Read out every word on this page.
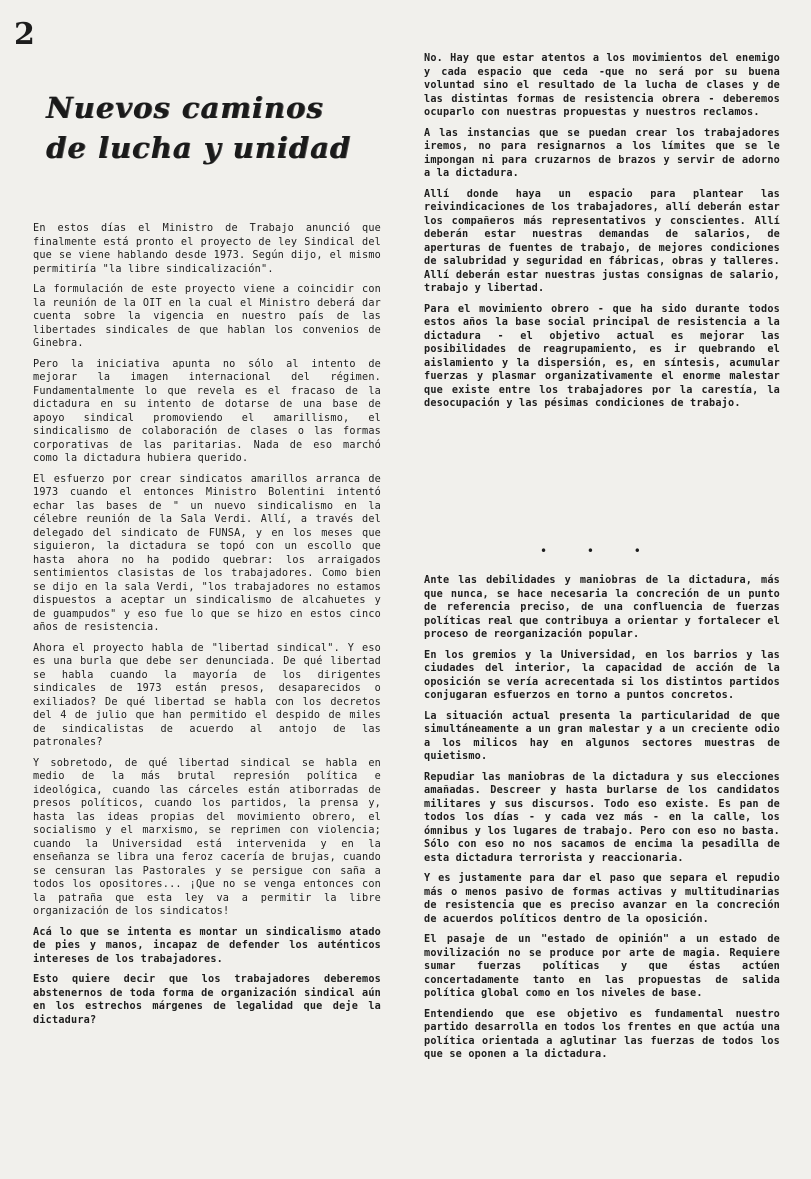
2
Nuevos caminos
de lucha y unidad

En estos días el Ministro de Trabajo anunció que finalmente está pronto el proyecto de ley Sindical del que se viene hablando desde 1973. Según dijo, el mismo permitiría "la libre sindicalización".

La formulación de este proyecto viene a coincidir con la reunión de la OIT en la cual el Ministro deberá dar cuenta sobre la vigencia en nuestro país de las libertades sindicales de que hablan los convenios de Ginebra.

Pero la iniciativa apunta no sólo al intento de mejorar la imagen internacional del régimen. Fundamentalmente lo que revela es el fracaso de la dictadura en su intento de dotarse de una base de apoyo sindical promoviendo el amarillismo, el sindicalismo de colaboración de clases o las formas corporativas de las paritarias. Nada de eso marchó como la dictadura hubiera querido.

El esfuerzo por crear sindicatos amarillos arranca de 1973 cuando el entonces Ministro Bolentini intentó echar las bases de " un nuevo sindicalismo en la célebre reunión de la Sala Verdi. Allí, a través del delegado del sindicato de FUNSA, y en los meses que siguieron, la dictadura se topó con un escollo que hasta ahora no ha podido quebrar: los arraigados sentimientos clasistas de los trabajadores. Como bien se dijo en la sala Verdi, "los trabajadores no estamos dispuestos a aceptar un sindicalismo de alcahuetes y de guampudos" y eso fue lo que se hizo en estos cinco años de resistencia.

Ahora el proyecto habla de "libertad sindical". Y eso es una burla que debe ser denunciada. De qué libertad se habla cuando la mayoría de los dirigentes sindicales de 1973 están presos, desaparecidos o exiliados? De qué libertad se habla con los decretos del 4 de julio que han permitido el despido de miles de sindicalistas de acuerdo al antojo de las patronales?

Y sobretodo, de qué libertad sindical se habla en medio de la más brutal represión política e ideológica, cuando las cárceles están atiborradas de presos políticos, cuando los partidos, la prensa y, hasta las ideas propias del movimiento obrero, el socialismo y el marxismo, se reprimen con violencia; cuando la Universidad está intervenida y en la enseñanza se libra una feroz cacería de brujas, cuando se censuran las Pastorales y se persigue con saña a todos los opositores... ¡Que no se venga entonces con la patraña que esta ley va a permitir la libre organización de los sindicatos!

Acá lo que se intenta es montar un sindicalismo atado de pies y manos, incapaz de defender los auténticos intereses de los trabajadores.

Esto quiere decir que los trabajadores deberemos abstenernos de toda forma de organización sindical aún en los estrechos márgenes de legalidad que deje la dictadura?

No. Hay que estar atentos a los movimientos del enemigo y cada espacio que ceda -que no será por su buena voluntad sino el resultado de la lucha de clases y de las distintas formas de resistencia obrera - deberemos ocuparlo con nuestras propuestas y nuestros reclamos.

A las instancias que se puedan crear los trabajadores iremos, no para resignarnos a los límites que se le impongan ni para cruzarnos de brazos y servir de adorno a la dictadura.

Allí donde haya un espacio para plantear las reivindicaciones de los trabajadores, allí deberán estar los compañeros más representativos y conscientes. Allí deberán estar nuestras demandas de salarios, de aperturas de fuentes de trabajo, de mejores condiciones de salubridad y seguridad en fábricas, obras y talleres. Allí deberán estar nuestras justas consignas de salario, trabajo y libertad.

Para el movimiento obrero - que ha sido durante todos estos años la base social principal de resistencia a la dictadura - el objetivo actual es mejorar las posibilidades de reagrupamiento, es ir quebrando el aislamiento y la dispersión, es, en síntesis, acumular fuerzas y plasmar organizativamente el enorme malestar que existe entre los trabajadores por la carestía, la desocupación y las pésimas condiciones de trabajo.

• • •

Ante las debilidades y maniobras de la dictadura, más que nunca, se hace necesaria la concreción de un punto de referencia preciso, de una confluencia de fuerzas políticas real que contribuya a orientar y fortalecer el proceso de reorganización popular.

En los gremios y la Universidad, en los barrios y las ciudades del interior, la capacidad de acción de la oposición se vería acrecentada si los distintos partidos conjugaran esfuerzos en torno a puntos concretos.

La situación actual presenta la particularidad de que simultáneamente a un gran malestar y a un creciente odio a los milicos hay en algunos sectores muestras de quietismo.

Repudiar las maniobras de la dictadura y sus elecciones amañadas. Descreer y hasta burlarse de los candidatos militares y sus discursos. Todo eso existe. Es pan de todos los días - y cada vez más - en la calle, los ómnibus y los lugares de trabajo. Pero con eso no basta. Sólo con eso no nos sacamos de encima la pesadilla de esta dictadura terrorista y reaccionaria.

Y es justamente para dar el paso que separa el repudio más o menos pasivo de formas activas y multitudinarias de resistencia que es preciso avanzar en la concreción de acuerdos políticos dentro de la oposición.

El pasaje de un "estado de opinión" a un estado de movilización no se produce por arte de magia. Requiere sumar fuerzas políticas y que éstas actúen concertadamente tanto en las propuestas de salida política global como en los niveles de base.

Entendiendo que ese objetivo es fundamental nuestro partido desarrolla en todos los frentes en que actúa una política orientada a aglutinar las fuerzas de todos los que se oponen a la dictadura.
